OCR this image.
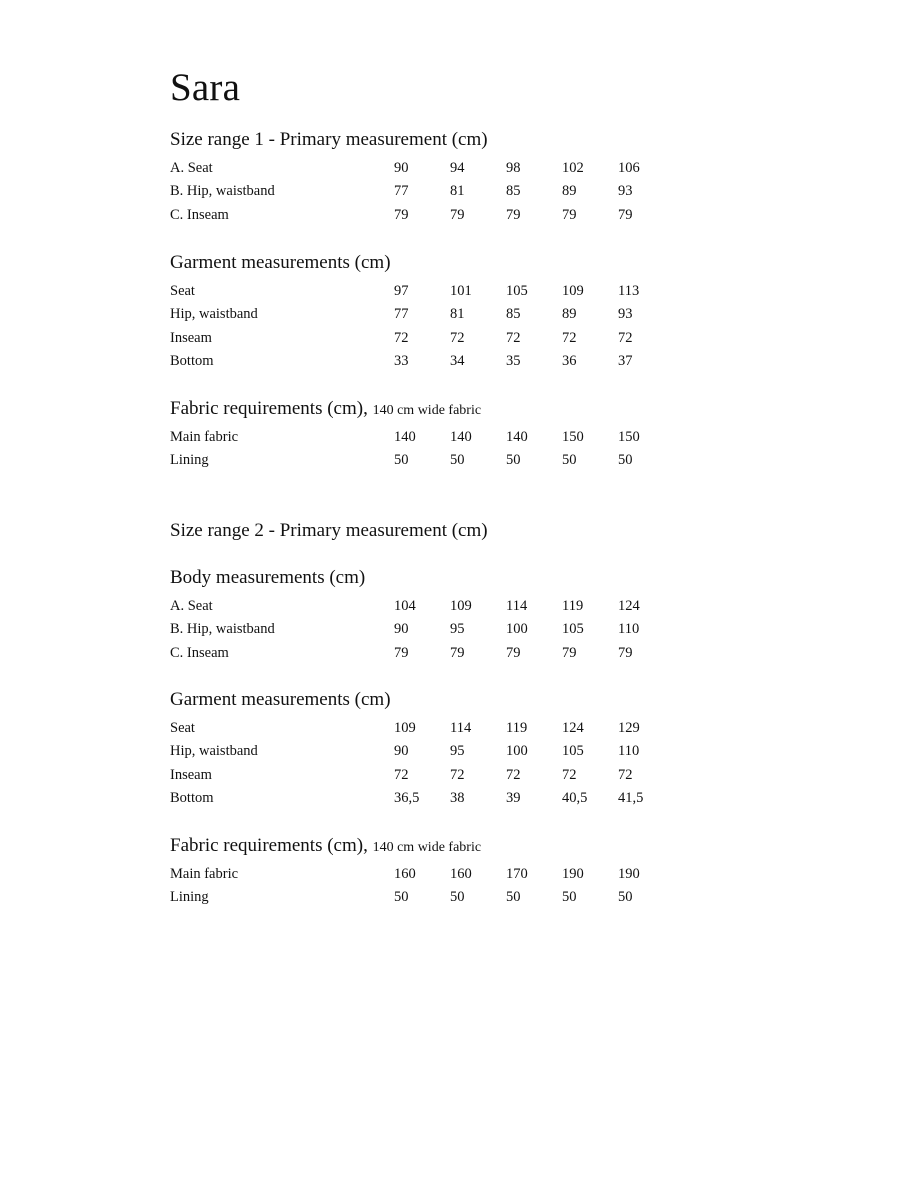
Sara
Size range 1 - Primary measurement (cm)
A. Seat	90	94	98	102 106
B. Hip, waistband	77	81	85	89	93
C. Inseam	79	79	79	79	79
Garment measurements (cm)
Seat	97	101 105 109 113
Hip, waistband	77	81	85	89	93
Inseam	72	72	72	72	72
Bottom	33	34	35	36	37
Fabric requirements (cm), 140 cm wide fabric
Main fabric	140 140 140 150 150
Lining	50	50	50	50	50
Size range 2 - Primary measurement (cm)
Body measurements (cm)
A. Seat	104 109 114 119 124
B. Hip, waistband	90	95	100 105 110
C. Inseam	79	79	79	79	79
Garment measurements (cm)
Seat	109 114 119 124 129
Hip, waistband	90	95	100 105 110
Inseam	72	72	72	72	72
Bottom	36,5 38	39	40,5 41,5
Fabric requirements (cm), 140 cm wide fabric
Main fabric	160 160 170 190 190
Lining	50	50	50	50	50
